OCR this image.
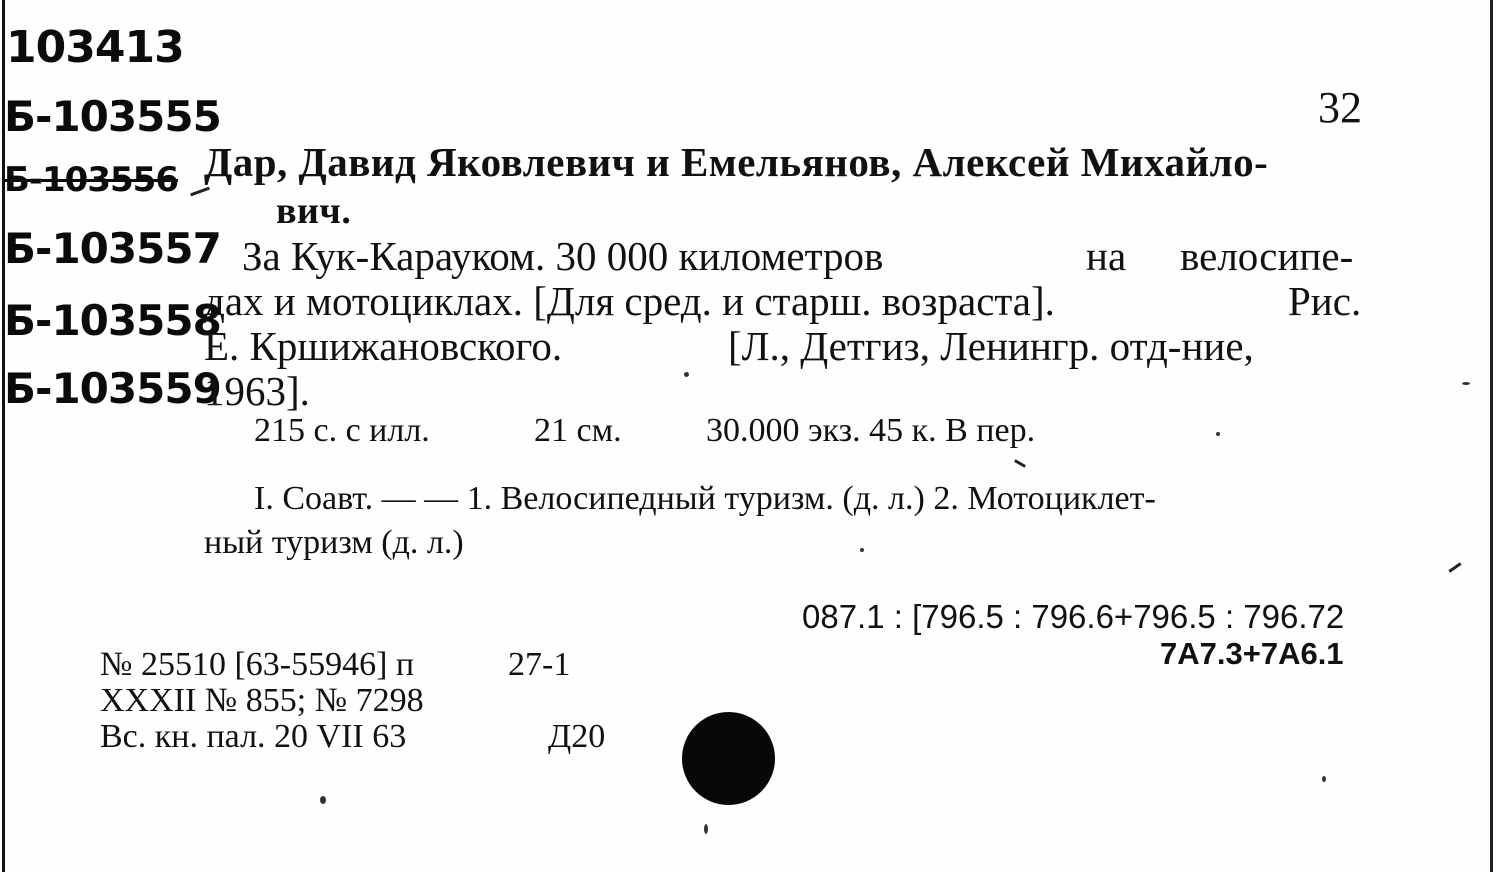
103413
Б-103555
Б-103556
Б-103557
Б-103558
Б-103559
32
Дар, Давид Яковлевич и Емельянов, Алексей Михайло-
вич.
За Кук-Карауком. 30 000 километров	на велосипе-
дах и мотоциклах. [Для сред. и старш. возраста].	Рис.
Е. Кршижановского.	[Л., Детгиз, Ленингр. отд-ние,
1963].
215 с. с илл.	21 см. 30.000 экз. 45 к. В пер.
I. Соавт. — — 1. Велосипедный туризм. (д. л.) 2. Мотоциклет-
ный туризм (д. л.)
087.1 : [796.5 : 796.6+796.5 : 796.72
7А7.3+7А6.1
№ 25510 [63-55946] п	27-1
XXXII № 855; № 7298
Вс. кн. пал. 20 VII 63	Д20
